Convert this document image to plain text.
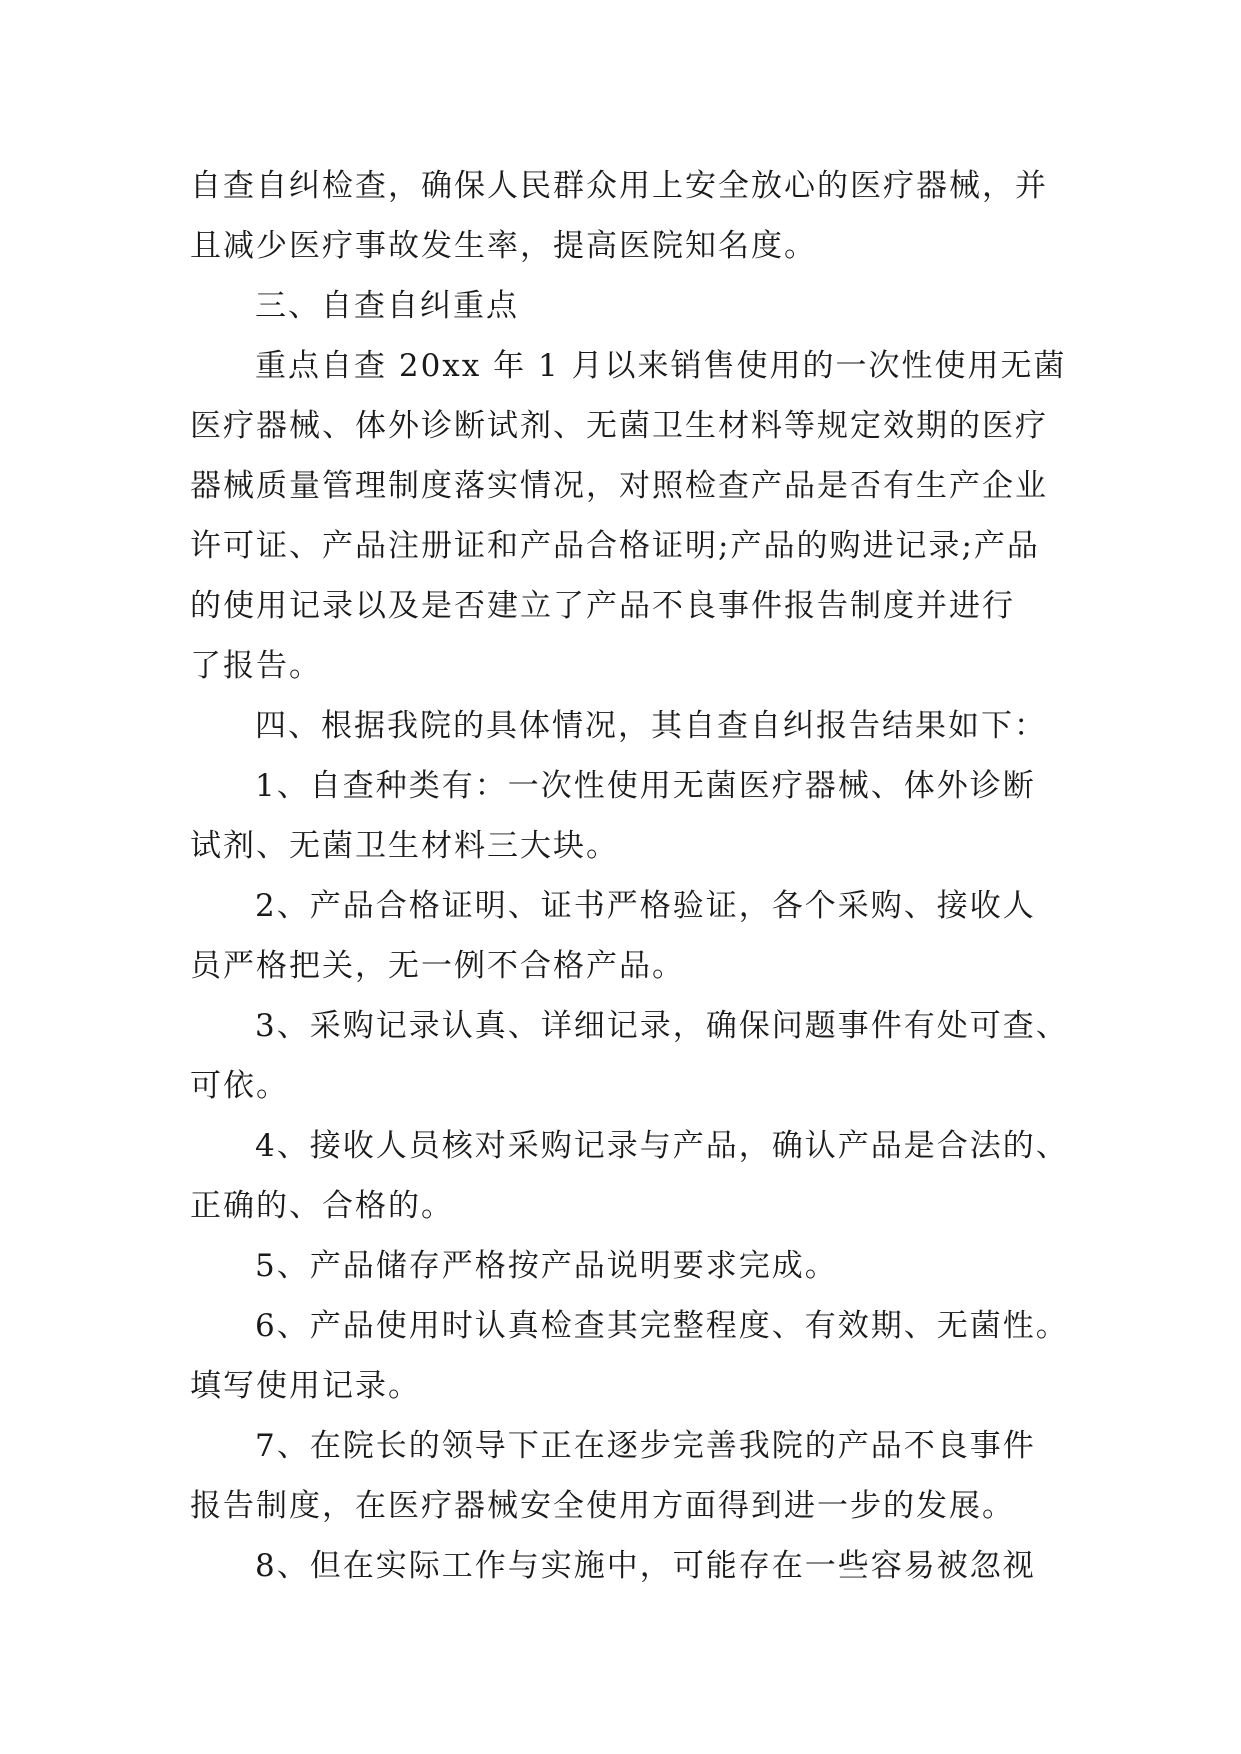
自查自纠检查，确保人民群众用上安全放心的医疗器械，并
且减少医疗事故发生率，提高医院知名度。
三、自查自纠重点
重点自查 20xx 年 1 月以来销售使用的一次性使用无菌
医疗器械、体外诊断试剂、无菌卫生材料等规定效期的医疗
器械质量管理制度落实情况，对照检查产品是否有生产企业
许可证、产品注册证和产品合格证明;产品的购进记录;产品
的使用记录以及是否建立了产品不良事件报告制度并进行
了报告。
四、根据我院的具体情况，其自查自纠报告结果如下：
1、自查种类有：一次性使用无菌医疗器械、体外诊断
试剂、无菌卫生材料三大块。
2、产品合格证明、证书严格验证，各个采购、接收人
员严格把关，无一例不合格产品。
3、采购记录认真、详细记录，确保问题事件有处可查、
可依。
4、接收人员核对采购记录与产品，确认产品是合法的、
正确的、合格的。
5、产品储存严格按产品说明要求完成。
6、产品使用时认真检查其完整程度、有效期、无菌性。
填写使用记录。
7、在院长的领导下正在逐步完善我院的产品不良事件
报告制度，在医疗器械安全使用方面得到进一步的发展。
8、但在实际工作与实施中，可能存在一些容易被忽视
